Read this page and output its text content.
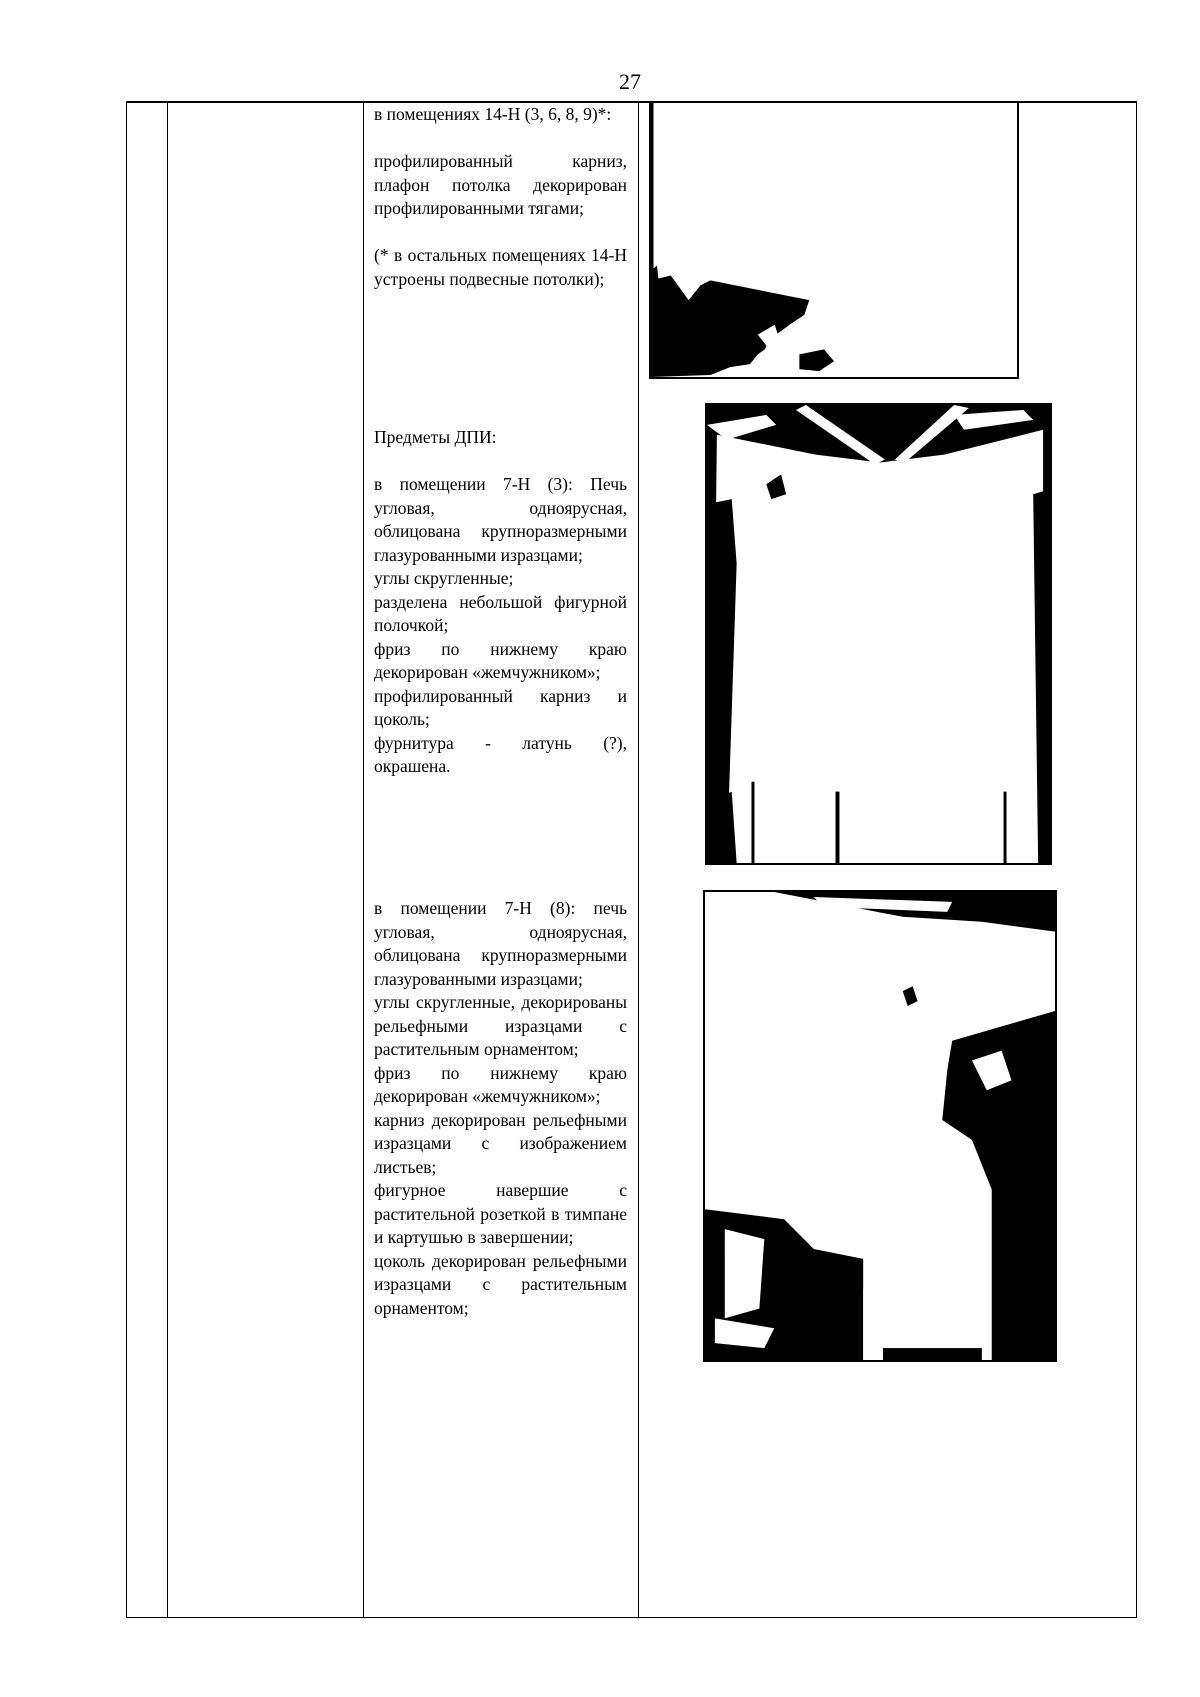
27

в помещениях 14-Н (3, 6, 8, 9)*:

профилированный карниз, плафон потолка декорирован профилированными тягами;

(* в остальных помещениях 14-Н устроены подвесные потолки);

Предметы ДПИ:

в помещении 7-Н (3): Печь угловая, одноярусная, облицована крупноразмерными глазурованными изразцами;

углы скругленные;

разделена небольшой фигурной полочкой;

фриз по нижнему краю декорирован «жемчужником»;

профилированный карниз и цоколь;

фурнитура - латунь (?), окрашена.

в помещении 7-Н (8): печь угловая, одноярусная, облицована крупноразмерными глазурованными изразцами;

углы скругленные, декорированы рельефными изразцами с растительным орнаментом;

фриз по нижнему краю декорирован «жемчужником»;

карниз декорирован рельефными изразцами с изображением листьев;

фигурное навершие с растительной розеткой в тимпане и картушью в завершении;

цоколь декорирован рельефными изразцами с растительным орнаментом;
